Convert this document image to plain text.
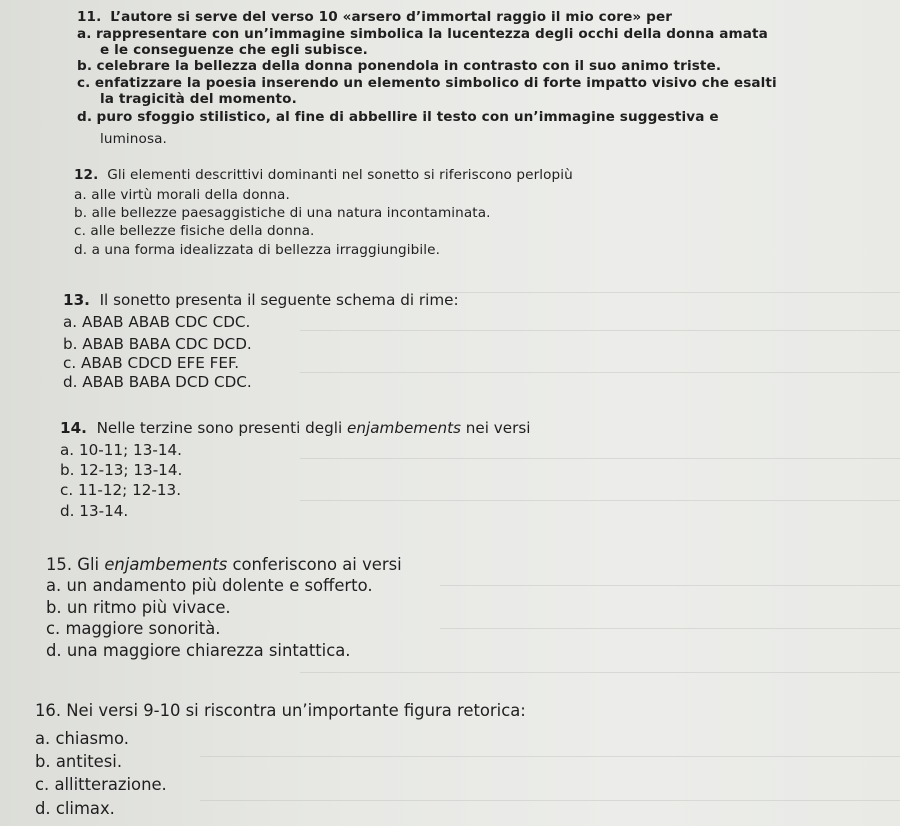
11. L’autore si serve del verso 10 «arsero d’immortal raggio il mio core» per
a. rappresentare con un’immagine simbolica la lucentezza degli occhi della donna amata
e le conseguenze che egli subisce.
b. celebrare la bellezza della donna ponendola in contrasto con il suo animo triste.
c. enfatizzare la poesia inserendo un elemento simbolico di forte impatto visivo che esalti
la tragicità del momento.
d. puro sfoggio stilistico, al fine di abbellire il testo con un’immagine suggestiva e
luminosa.
12. Gli elementi descrittivi dominanti nel sonetto si riferiscono perlopiù
a. alle virtù morali della donna.
b. alle bellezze paesaggistiche di una natura incontaminata.
c. alle bellezze fisiche della donna.
d. a una forma idealizzata di bellezza irraggiungibile.
13. Il sonetto presenta il seguente schema di rime:
a. ABAB ABAB CDC CDC.
b. ABAB BABA CDC DCD.
c. ABAB CDCD EFE FEF.
d. ABAB BABA DCD CDC.
14. Nelle terzine sono presenti degli enjambements nei versi
a. 10-11; 13-14.
b. 12-13; 13-14.
c. 11-12; 12-13.
d. 13-14.
15. Gli enjambements conferiscono ai versi
a. un andamento più dolente e sofferto.
b. un ritmo più vivace.
c. maggiore sonorità.
d. una maggiore chiarezza sintattica.
16. Nei versi 9-10 si riscontra un’importante figura retorica:
a. chiasmo.
b. antitesi.
c. allitterazione.
d. climax.
